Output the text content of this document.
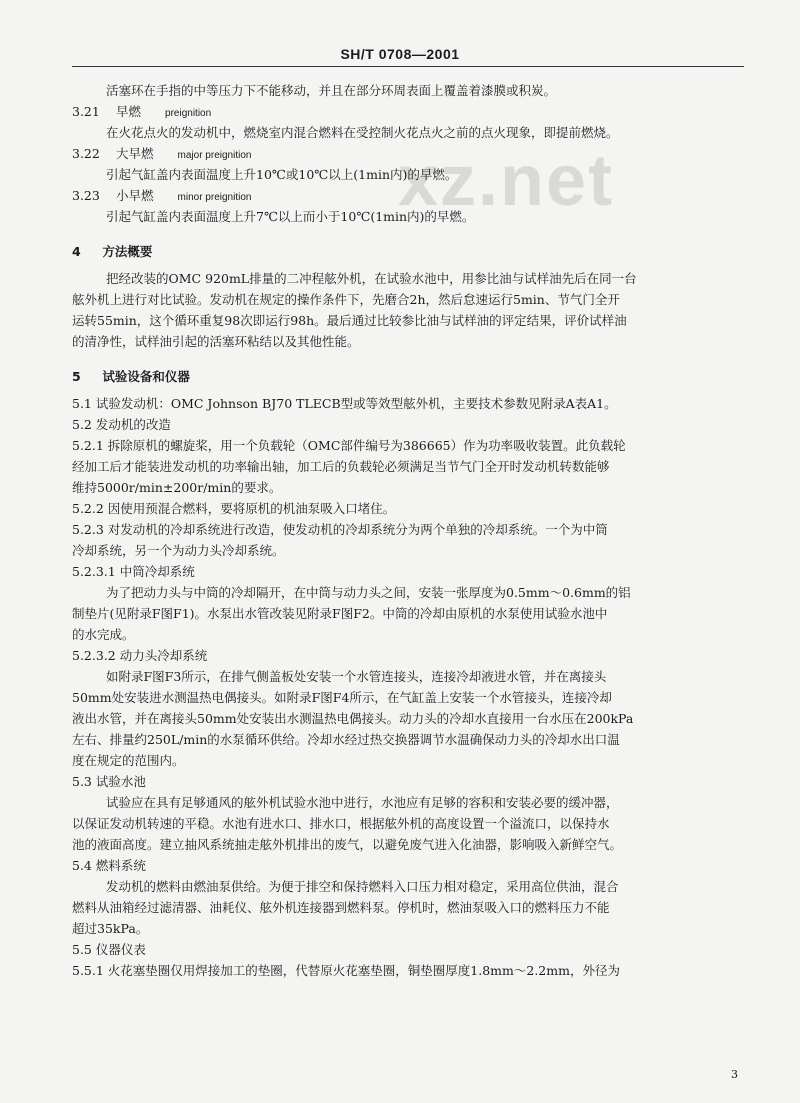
xz.net
SH/T 0708—2001
活塞环在手指的中等压力下不能移动，并且在部分环周表面上覆盖着漆膜或积炭。
3.21 早燃 preignition
在火花点火的发动机中，燃烧室内混合燃料在受控制火花点火之前的点火现象，即提前燃烧。
3.22 大早燃 major preignition
引起气缸盖内表面温度上升10℃或10℃以上(1min内)的早燃。
3.23 小早燃 minor preignition
引起气缸盖内表面温度上升7℃以上而小于10℃(1min内)的早燃。
4 方法概要
把经改装的OMC 920mL排量的二冲程舷外机，在试验水池中，用参比油与试样油先后在同一台
舷外机上进行对比试验。发动机在规定的操作条件下，先磨合2h，然后怠速运行5min、节气门全开
运转55min，这个循环重复98次即运行98h。最后通过比较参比油与试样油的评定结果，评价试样油
的清净性，试样油引起的活塞环粘结以及其他性能。
5 试验设备和仪器
5.1 试验发动机：OMC Johnson BJ70 TLECB型或等效型舷外机，主要技术参数见附录A表A1。
5.2 发动机的改造
5.2.1 拆除原机的螺旋桨，用一个负载轮（OMC部件编号为386665）作为功率吸收装置。此负载轮
经加工后才能装进发动机的功率输出轴，加工后的负载轮必须满足当节气门全开时发动机转数能够
维持5000r/min±200r/min的要求。
5.2.2 因使用预混合燃料，要将原机的机油泵吸入口堵住。
5.2.3 对发动机的冷却系统进行改造，使发动机的冷却系统分为两个单独的冷却系统。一个为中筒
冷却系统，另一个为动力头冷却系统。
5.2.3.1 中筒冷却系统
为了把动力头与中筒的冷却隔开，在中筒与动力头之间，安装一张厚度为0.5mm～0.6mm的铝
制垫片(见附录F图F1)。水泵出水管改装见附录F图F2。中筒的冷却由原机的水泵使用试验水池中
的水完成。
5.2.3.2 动力头冷却系统
如附录F图F3所示，在排气侧盖板处安装一个水管连接头，连接冷却液进水管，并在离接头
50mm处安装进水测温热电偶接头。如附录F图F4所示，在气缸盖上安装一个水管接头，连接冷却
液出水管，并在离接头50mm处安装出水测温热电偶接头。动力头的冷却水直接用一台水压在200kPa
左右、排量约250L/min的水泵循环供给。冷却水经过热交换器调节水温确保动力头的冷却水出口温
度在规定的范围内。
5.3 试验水池
试验应在具有足够通风的舷外机试验水池中进行，水池应有足够的容积和安装必要的缓冲器，
以保证发动机转速的平稳。水池有进水口、排水口，根据舷外机的高度设置一个溢流口，以保持水
池的液面高度。建立抽风系统抽走舷外机排出的废气，以避免废气进入化油器，影响吸入新鲜空气。
5.4 燃料系统
发动机的燃料由燃油泵供给。为便于排空和保持燃料入口压力相对稳定，采用高位供油，混合
燃料从油箱经过滤清器、油耗仪、舷外机连接器到燃料泵。停机时，燃油泵吸入口的燃料压力不能
超过35kPa。
5.5 仪器仪表
5.5.1 火花塞垫圈仅用焊接加工的垫圈，代替原火花塞垫圈，铜垫圈厚度1.8mm～2.2mm，外径为
3
